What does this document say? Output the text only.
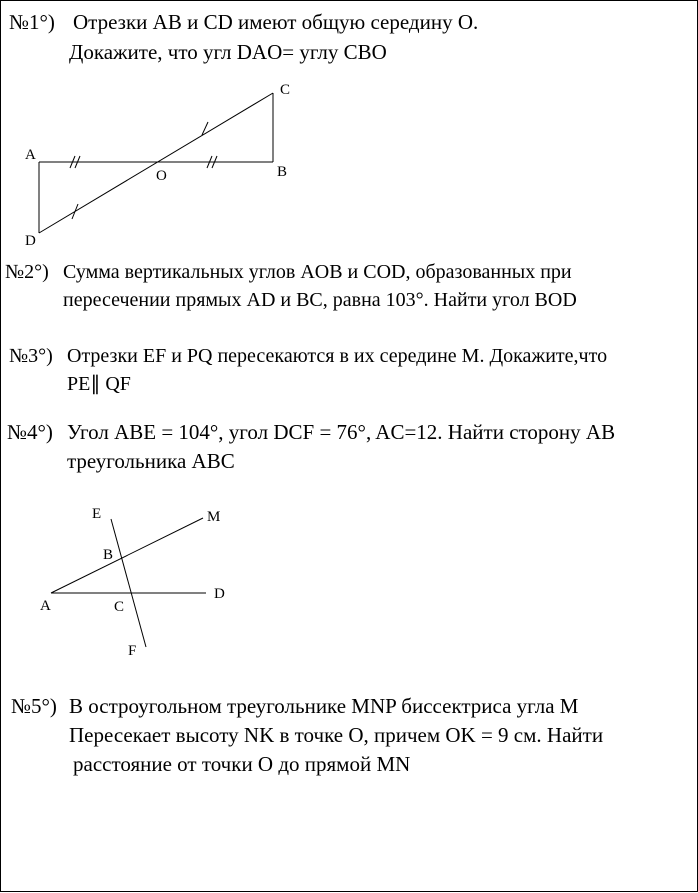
№1°) Отрезки AB и CD имеют общую середину O.
Докажите, что угл DAO= углу CBO
A
B
C
D
O
№2°) Сумма вертикальных углов AOB и COD, образованных при
пересечении прямых AD и BC, равна 103°. Найти угол BOD
№3°) Отрезки EF и PQ пересекаются в их середине M. Докажите,что
PE∥ QF
№4°) Угол ABE = 104°, угол DCF = 76°, AC=12. Найти сторону AB
треугольника ABC
A
B
C
D
E
F
M
№5°) В остроугольном треугольнике MNP биссектриса угла M
Пересекает высоту NK в точке O, причем OK = 9 см. Найти
расстояние от точки O до прямой MN
